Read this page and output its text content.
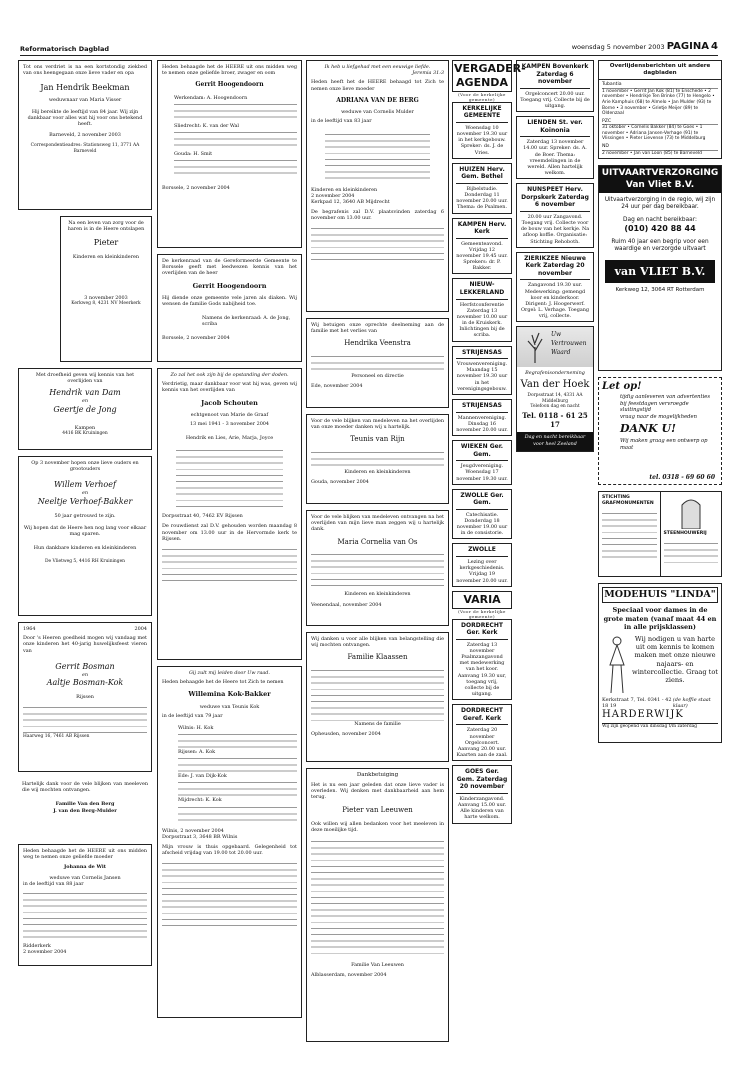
Reformatorisch Dagblad	woensdag 5 november 2003 PAGINA 4
Tot ons verdriet is na een kortstondig ziekbed van ons heengegaan onze lieve vader en opa
Jan Hendrik Beekman
weduwnaar van Maria Visser
Hij bereikte de leeftijd van 84 jaar. Wij zijn dankbaar voor alles wat hij voor ons betekend heeft.
Barneveld, 2 november 2003
Correspondentieadres: Stationsweg 11, 3771 AA Barneveld
Na een leven van zorg voor de haren is in de Heere ontslapen
Pieter
Kinderen en kleinkinderen
3 november 2003
Kerkweg 8, 4231 NV Meerkerk
Met droefheid geven wij kennis van het overlijden van
Hendrik van Dam
en
Geertje de Jong
Kampen
4416 BK Kruiningen
Op 3 november hopen onze lieve ouders en grootouders
Willem Verhoef
en
Neeltje Verhoef-Bakker
50 jaar getrouwd te zijn.
Wij hopen dat de Heere hen nog lang voor elkaar mag sparen.
Hun dankbare kinderen en kleinkinderen
De Vlietweg 5, 4416 RH Kruiningen
1964	2004
Door 's Heeren goedheid mogen wij vandaag met onze kinderen het 40-jarig huwelijksfeest vieren van
Gerrit Bosman
en
Aaltje Bosman-Kok
Rijssen
Haarweg 16, 7461 AB Rijssen
Hartelijk dank voor de vele blijken van meeleven die wij mochten ontvangen.
Familie Van den Berg
J. van den Berg-Mulder
Heden behaagde het de HEERE uit ons midden weg te nemen onze geliefde moeder
Johanna de Wit
weduwe van Cornelis Jansen
in de leeftijd van 88 jaar
Ridderkerk
2 november 2004
Heden behaagde het de HEERE uit ons midden weg te nemen onze geliefde broer, zwager en oom
Gerrit Hoogendoorn
Werkendam: A. Hoogendoorn
Sliedrecht: K. van der Wal
Gouda: H. Smit
Borssele, 2 november 2004
De kerkenraad van de Gereformeerde Gemeente te Borssele geeft met leedwezen kennis van het overlijden van de heer
Gerrit Hoogendoorn
Hij diende onze gemeente vele jaren als diaken. Wij wensen de familie Gods nabijheid toe.
Namens de kerkenraad: A. de Jong, scriba
Borssele, 2 november 2004
Zo zal het ook zijn bij de opstanding der doden.
Verdrietig, maar dankbaar voor wat hij was, geven wij kennis van het overlijden van
Jacob Schouten
echtgenoot van Marie de Graaf
13 mei 1941 - 3 november 2004
Hendrik en Lies, Arie, Marja, Joyce
Dorpsstraat 40, 7462 EV Rijssen
De rouwdienst zal D.V. gehouden worden maandag 8 november om 13.00 uur in de Hervormde kerk te Rijssen.
Gij zult mij leiden door Uw raad.
Heden behaagde het de Heere tot Zich te nemen
Willemina Kok-Bakker
weduwe van Teunis Kok
in de leeftijd van 79 jaar
Wilnis: H. Kok
Rijssen: A. Kok
Ede: J. van Dijk-Kok
Mijdrecht: K. Kok
Wilnis, 2 november 2004
Dorpsstraat 3, 3648 BR Wilnis
Mijn vrouw is thuis opgebaard. Gelegenheid tot afscheid vrijdag van 19.00 tot 20.00 uur.
Ik heb u liefgehad met een eeuwige liefde.
Jeremia 31:3
Heden heeft het de HEERE behaagd tot Zich te nemen onze lieve moeder
ADRIANA VAN DE BERG
weduwe van Cornelis Mulder
in de leeftijd van 83 jaar
Kinderen en kleinkinderen
2 november 2004
Kerkpad 12, 3640 AB Mijdrecht
De begrafenis zal D.V. plaatsvinden zaterdag 6 november om 13.00 uur.
Wij betuigen onze oprechte deelneming aan de familie met het verlies van
Hendrika Veenstra
Personeel en directie
Ede, november 2004
Voor de vele blijken van medeleven na het overlijden van onze moeder danken wij u hartelijk.
Teunis van Rijn
Kinderen en kleinkinderen
Gouda, november 2004
Voor de vele blijken van medeleven ontvangen na het overlijden van mijn lieve man zeggen wij u hartelijk dank.
Maria Cornelia van Os
Kinderen en kleinkinderen
Veenendaal, november 2004
Wij danken u voor alle blijken van belangstelling die wij mochten ontvangen.
Familie Klaassen
Namens de familie
Opheusden, november 2004
Dankbetuiging
Het is nu een jaar geleden dat onze lieve vader is overleden. Wij denken met dankbaarheid aan hem terug.
Pieter van Leeuwen
Ook willen wij allen bedanken voor het meeleven in deze moeilijke tijd.
Familie Van Leeuwen
Alblasserdam, november 2004
VERGADER-
AGENDA
(Voor de kerkelijke gemeente)
KERKELIJKE GEMEENTE
Woensdag 10 november 19.30 uur in het kerkgebouw. Spreker: ds. J. de Vries.
HUIZEN Herv. Gem. Bethel
Bijbelstudie. Donderdag 11 november 20.00 uur. Thema: de Psalmen.
KAMPEN Herv. Kerk
Gemeenteavond. Vrijdag 12 november 19.45 uur. Sprekers: dr. P. Bakker.
NIEUW-LEKKERLAND
Herfstconferentie Zaterdag 13 november 10.00 uur in de Kruiskerk. Inlichtingen bij de scriba.
STRIJENSAS
Vrouwenvereniging. Maandag 15 november 19.30 uur in het verenigingsgebouw.
STRIJENSAS
Mannenvereniging. Dinsdag 16 november 20.00 uur.
WIEKEN Ger. Gem.
Jeugdvereniging. Woensdag 17 november 19.30 uur.
ZWOLLE Ger. Gem.
Catechisatie. Donderdag 18 november 19.00 uur in de consistorie.
ZWOLLE
Lezing over kerkgeschiedenis. Vrijdag 19 november 20.00 uur.
VARIA
(Voor de kerkelijke gemeente)
DORDRECHT Ger. Kerk
Zaterdag 13 november Psalmzangavond met medewerking van het koor. Aanvang 19.30 uur, toegang vrij, collecte bij de uitgang.
DORDRECHT Geref. Kerk
Zaterdag 20 november Orgelconcert. Aanvang 20.00 uur. Kaarten aan de zaal.
GOES Ger. Gem. Zaterdag 20 november
Kinderzangavond. Aanvang 15.00 uur. Alle kinderen van harte welkom.
KAMPEN Bovenkerk Zaterdag 6 november
Orgelconcert 20.00 uur. Toegang vrij. Collecte bij de uitgang.
LIENDEN St. ver. Koinonia
Zaterdag 13 november 14.00 uur. Spreker: ds. A. de Boer. Thema: vreemdelingen in de wereld. Allen hartelijk welkom.
NUNSPEET Herv. Dorpskerk Zaterdag 6 november
20.00 uur Zangavond. Toegang vrij. Collecte voor de bouw van het kerkje. Na afloop koffie. Organisatie: Stichting Rehoboth.
ZIERIKZEE Nieuwe Kerk Zaterdag 20 november
Zangavond 19.30 uur. Medewerking: gemengd koor en kinderkoor. Dirigent: J. Hoogerwerf. Orgel: L. Verhage. Toegang vrij, collecte.
Uw
Vertrouwen
Waard
Begrafenisonderneming
Van der Hoek
Dorpsstraat 14, 4331 AA Middelburg
Telefoon dag en nacht
Tel. 0118 - 61 25 17
Dag en nacht bereikbaar voor heel Zeeland
Overlijdensberichten uit andere dagbladen
Tubantia
1 november • Gerrit Jan Kok (81) te Enschede • 2 november • Hendrikje Ten Brinke (77) te Hengelo • Arie Kamphuis (68) te Almelo • Jan Mulder (93) te Borne • 3 november • Grietje Meijer (89) te Oldenzaal
PZC
31 oktober • Cornelis Bakker (84) te Goes • 1 november • Adriana Jansen-Verhage (91) te Vlissingen • Pieter Lievense (73) te Middelburg
ND
2 november • Jan van Loon (85) te Barneveld
UITVAARTVERZORGING
Van Vliet B.V.
Uitvaartverzorging in de regio, wij zijn 24 uur per dag bereikbaar.
Dag en nacht bereikbaar:
(010) 420 88 44
Ruim 40 jaar een begrip voor een waardige en verzorgde uitvaart
van VLIET B.V.
Kerkweg 12, 3064 RT Rotterdam
Let op!
tijdig aanleveren van advertenties
bij feestdagen vervroegde sluitingstijd
vraag naar de mogelijkheden
DANK U!
Wij maken graag een ontwerp op maat
tel. 0318 - 69 60 60
STICHTING GRAFMONUMENTEN
STEENHOUWERIJ
MODEHUIS "LINDA"
Speciaal voor dames in de grote maten (vanaf maat 44 en in alle prijsklassen)
Wij nodigen u van harte uit om kennis te komen maken met onze nieuwe najaars- en wintercollectie. Graag tot ziens.
Kerkstraat 7, Tel. 0341 - 42 18 19
(de koffie staat klaar)
HARDERWIJK
Wij zijn geopend van dinsdag t/m zaterdag
